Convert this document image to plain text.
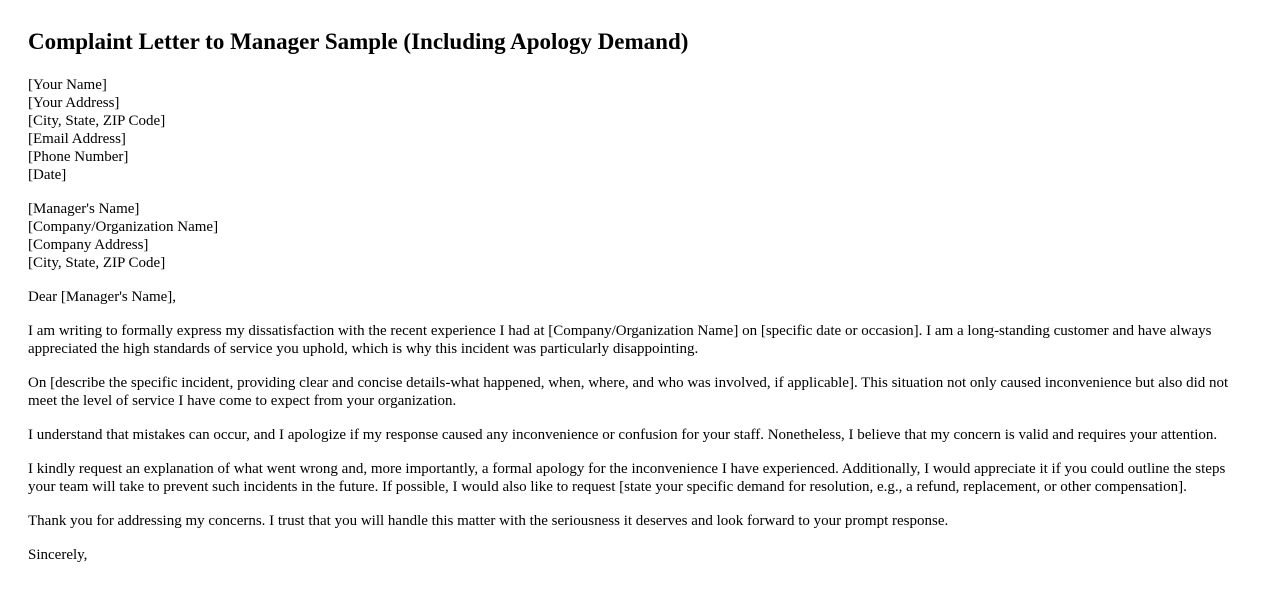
Complaint Letter to Manager Sample (Including Apology Demand)
[Your Name]
[Your Address]
[City, State, ZIP Code]
[Email Address]
[Phone Number]
[Date]
[Manager's Name]
[Company/Organization Name]
[Company Address]
[City, State, ZIP Code]

Dear [Manager's Name],

I am writing to formally express my dissatisfaction with the recent experience I had at [Company/Organization Name] on [specific date or occasion]. I am a long-standing customer and have always appreciated the high standards of service you uphold, which is why this incident was particularly disappointing.

On [describe the specific incident, providing clear and concise details-what happened, when, where, and who was involved, if applicable]. This situation not only caused inconvenience but also did not meet the level of service I have come to expect from your organization.

I understand that mistakes can occur, and I apologize if my response caused any inconvenience or confusion for your staff. Nonetheless, I believe that my concern is valid and requires your attention.

I kindly request an explanation of what went wrong and, more importantly, a formal apology for the inconvenience I have experienced. Additionally, I would appreciate it if you could outline the steps your team will take to prevent such incidents in the future. If possible, I would also like to request [state your specific demand for resolution, e.g., a refund, replacement, or other compensation].

Thank you for addressing my concerns. I trust that you will handle this matter with the seriousness it deserves and look forward to your prompt response.

Sincerely,
